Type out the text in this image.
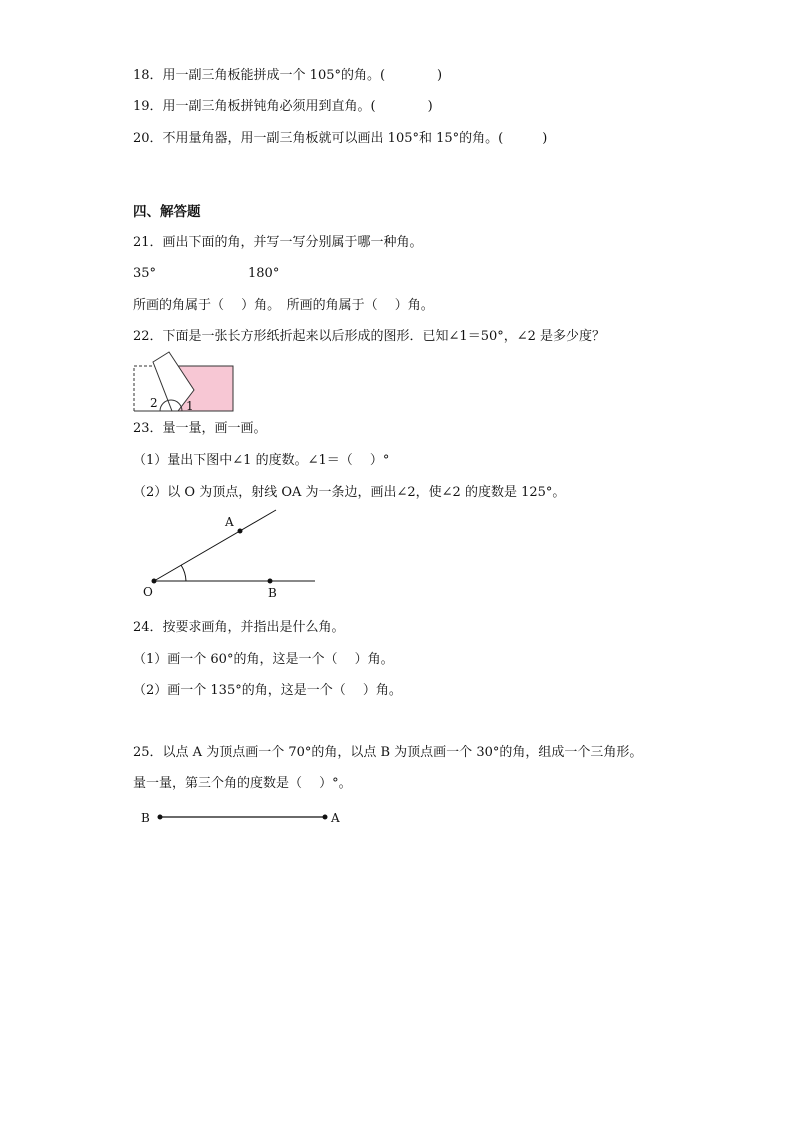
18．用一副三角板能拼成一个 105°的角。(　　　　)
19．用一副三角板拼钝角必须用到直角。(　　　　)
20．不用量角器，用一副三角板就可以画出 105°和 15°的角。(　　　)
四、解答题
21．画出下面的角，并写一写分别属于哪一种角。
35°	180°
所画的角属于（　 ）角。　所画的角属于（　 ）角。
22．下面是一张长方形纸折起来以后形成的图形．已知∠1＝50°，∠2 是多少度？
2 1
23．量一量，画一画。
（1）量出下图中∠1 的度数。∠1＝（　 ）°
（2）以 O 为顶点，射线 OA 为一条边，画出∠2，使∠2 的度数是 125°。
A
O	B
24．按要求画角，并指出是什么角。
（1）画一个 60°的角，这是一个（　 ）角。
（2）画一个 135°的角，这是一个（　 ）角。
25．以点 A 为顶点画一个 70°的角，以点 B 为顶点画一个 30°的角，组成一个三角形。
量一量，第三个角的度数是（　 ）°。
B	A
